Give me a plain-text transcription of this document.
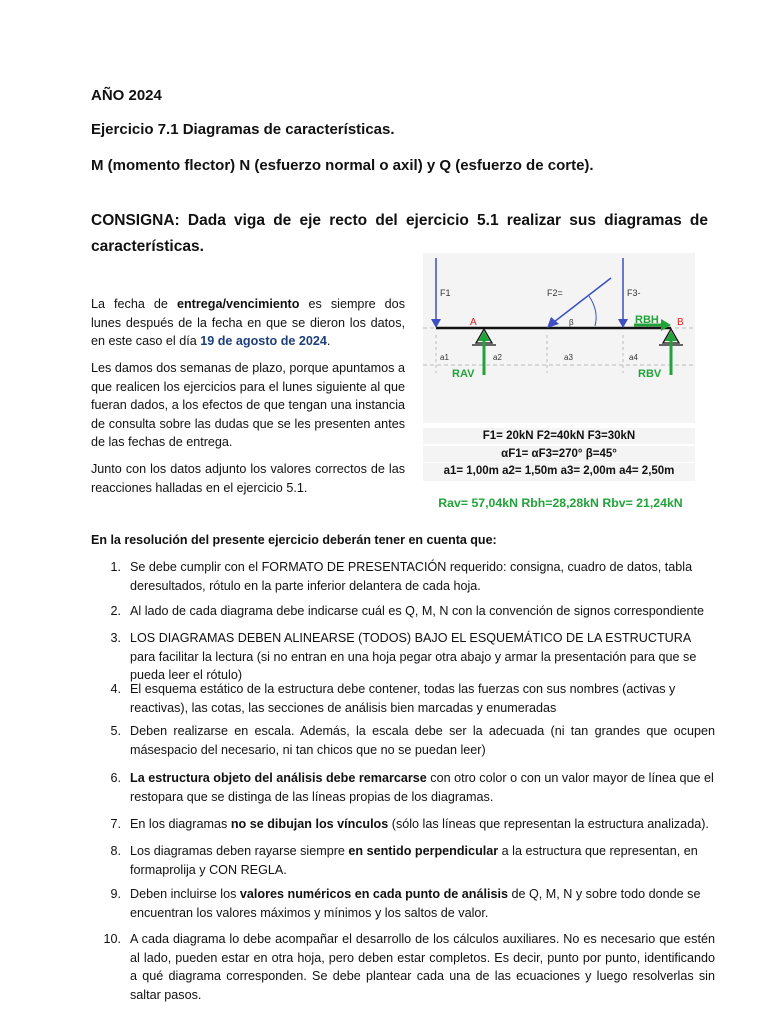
AÑO 2024
Ejercicio 7.1 Diagramas de características.
M (momento flector) N (esfuerzo normal o axil) y Q (esfuerzo de corte).
CONSIGNA: Dada viga de eje recto del ejercicio 5.1 realizar sus diagramas de características.
La fecha de entrega/vencimiento es siempre dos lunes después de la fecha en que se dieron los datos, en este caso el día 19 de agosto de 2024.
Les damos dos semanas de plazo, porque apuntamos a que realicen los ejercicios para el lunes siguiente al que fueran dados, a los efectos de que tengan una instancia de consulta sobre las dudas que se les presenten antes de las fechas de entrega.
Junto con los datos adjunto los valores correctos de las reacciones halladas en el ejercicio 5.1.
F1	F2=	F3-
β
A	B
RBH
RAV	RBV
a1	a2	a3	a4
F1= 20kN F2=40kN F3=30kN
αF1= αF3=270° β=45°
a1= 1,00m a2= 1,50m a3= 2,00m a4= 2,50m
Rav= 57,04kN Rbh=28,28kN Rbv= 21,24kN
En la resolución del presente ejercicio deberán tener en cuenta que:
1. Se debe cumplir con el FORMATO DE PRESENTACIÓN requerido: consigna, cuadro de datos, tabla deresultados, rótulo en la parte inferior delantera de cada hoja.
2. Al lado de cada diagrama debe indicarse cuál es Q, M, N con la convención de signos correspondiente
3. LOS DIAGRAMAS DEBEN ALINEARSE (TODOS) BAJO EL ESQUEMÁTICO DE LA ESTRUCTURA para facilitar la lectura (si no entran en una hoja pegar otra abajo y armar la presentación para que se pueda leer el rótulo)
4. El esquema estático de la estructura debe contener, todas las fuerzas con sus nombres (activas y reactivas), las cotas, las secciones de análisis bien marcadas y enumeradas
5. Deben realizarse en escala. Además, la escala debe ser la adecuada (ni tan grandes que ocupen másespacio del necesario, ni tan chicos que no se puedan leer)
6. La estructura objeto del análisis debe remarcarse con otro color o con un valor mayor de línea que el restopara que se distinga de las líneas propias de los diagramas.
7. En los diagramas no se dibujan los vínculos (sólo las líneas que representan la estructura analizada).
8. Los diagramas deben rayarse siempre en sentido perpendicular a la estructura que representan, en formaprolija y CON REGLA.
9. Deben incluirse los valores numéricos en cada punto de análisis de Q, M, N y sobre todo donde se encuentran los valores máximos y mínimos y los saltos de valor.
10. A cada diagrama lo debe acompañar el desarrollo de los cálculos auxiliares. No es necesario que estén al lado, pueden estar en otra hoja, pero deben estar completos. Es decir, punto por punto, identificando a qué diagrama corresponden. Se debe plantear cada una de las ecuaciones y luego resolverlas sin saltar pasos.
